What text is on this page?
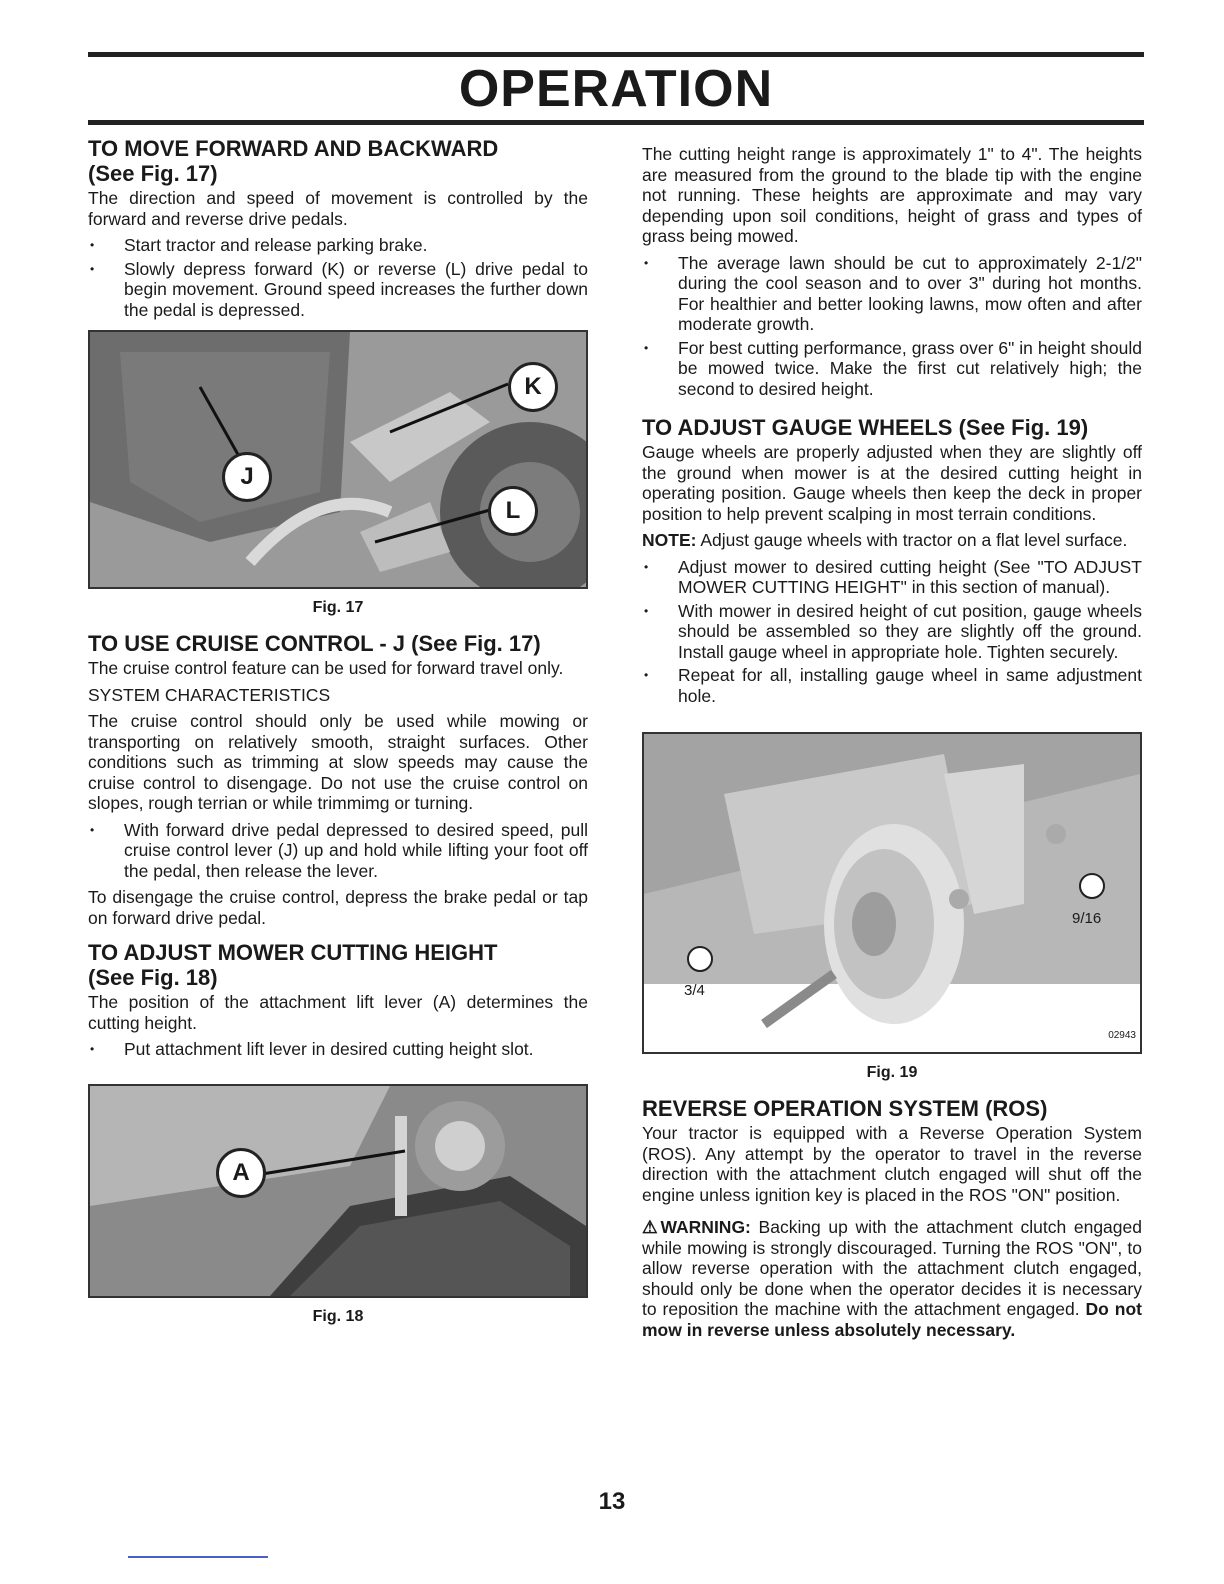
OPERATION
TO MOVE FORWARD AND BACKWARD
(See Fig. 17)

The direction and speed of movement is controlled by the forward and reverse drive pedals.

• Start tractor and release parking brake.
• Slowly depress forward (K) or reverse (L) drive pedal to begin movement. Ground speed increases the further down the pedal is depressed.
K
J
L
Fig. 17
TO USE CRUISE CONTROL - J (See Fig. 17)

The cruise control feature can be used for forward travel only.

SYSTEM CHARACTERISTICS

The cruise control should only be used while mowing or transporting on relatively smooth, straight surfaces. Other conditions such as trimming at slow speeds may cause the cruise control to disengage. Do not use the cruise control on slopes, rough terrian or while trimmimg or turning.

• With forward drive pedal depressed to desired speed, pull cruise control lever (J) up and hold while lifting your foot off the pedal, then release the lever.

To disengage the cruise control, depress the brake pedal or tap on forward drive pedal.

TO ADJUST MOWER CUTTING HEIGHT
(See Fig. 18)

The position of the attachment lift lever (A) determines the cutting height.

• Put attachment lift lever in desired cutting height slot.
A
Fig. 18

The cutting height range is approximately 1" to 4". The heights are measured from the ground to the blade tip with the engine not running. These heights are approximate and may vary depending upon soil conditions, height of grass and types of grass being mowed.

• The average lawn should be cut to approximately 2-1/2" during the cool season and to over 3" during hot months. For healthier and better looking lawns, mow often and after moderate growth.
• For best cutting performance, grass over 6" in height should be mowed twice. Make the first cut relatively high; the second to desired height.
TO ADJUST GAUGE WHEELS (See Fig. 19)

Gauge wheels are properly adjusted when they are slightly off the ground when mower is at the desired cutting height in operating position. Gauge wheels then keep the deck in proper position to help prevent scalping in most terrain conditions.

NOTE: Adjust gauge wheels with tractor on a flat level surface.

• Adjust mower to desired cutting height (See "TO ADJUST MOWER CUTTING HEIGHT" in this section of manual).
• With mower in desired height of cut position, gauge wheels should be assembled so they are slightly off the ground. Install gauge wheel in appropriate hole. Tighten securely.
• Repeat for all, installing gauge wheel in same adjustment hole.
9/16
3/4
02943
Fig. 19
REVERSE OPERATION SYSTEM (ROS)

Your tractor is equipped with a Reverse Operation System (ROS). Any attempt by the operator to travel in the reverse direction with the attachment clutch engaged will shut off the engine unless ignition key is placed in the ROS "ON" position.

⚠WARNING: Backing up with the attachment clutch engaged while mowing is strongly discouraged. Turning the ROS "ON", to allow reverse operation with the attachment clutch engaged, should only be done when the operator decides it is necessary to reposition the machine with the attachment engaged. Do not mow in reverse unless absolutely necessary.

13
